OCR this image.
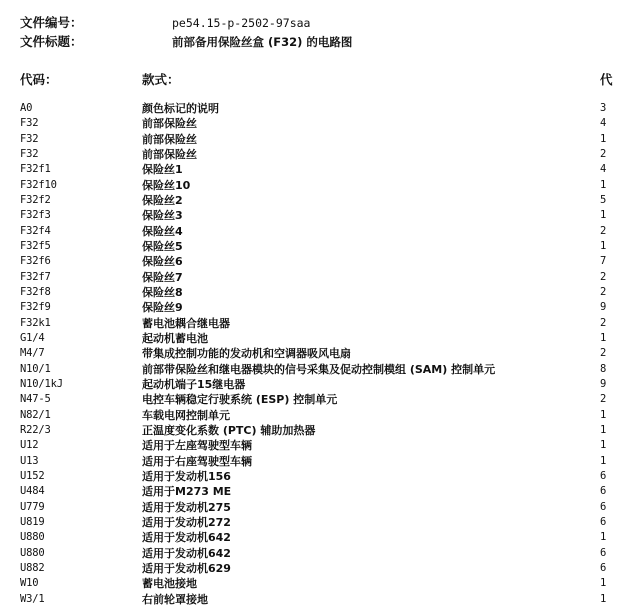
文件编号：	pe54.15-p-2502-97saa
文件标题：	前部备用保险丝盒 (F32) 的电路图
代码：	款式：	代
A0	颜色标记的说明	3
F32	前部保险丝	4
F32	前部保险丝	1
F32	前部保险丝	2
F32f1	保险丝1	4
F32f10	保险丝10	1
F32f2	保险丝2	5
F32f3	保险丝3	1
F32f4	保险丝4	2
F32f5	保险丝5	1
F32f6	保险丝6	7
F32f7	保险丝7	2
F32f8	保险丝8	2
F32f9	保险丝9	9
F32k1	蓄电池耦合继电器	2
G1/4	起动机蓄电池	1
M4/7	带集成控制功能的发动机和空调器吸风电扇	2
N10/1	前部带保险丝和继电器模块的信号采集及促动控制模组 (SAM) 控制单元	8
N10/1kJ	起动机端子15继电器	9
N47-5	电控车辆稳定行驶系统 (ESP) 控制单元	2
N82/1	车载电网控制单元	1
R22/3	正温度变化系数 (PTC) 辅助加热器	1
U12	适用于左座驾驶型车辆	1
U13	适用于右座驾驶型车辆	1
U152	适用于发动机156	6
U484	适用于M273 ME	6
U779	适用于发动机275	6
U819	适用于发动机272	6
U880	适用于发动机642	1
U880	适用于发动机642	6
U882	适用于发动机629	6
W10	蓄电池接地	1
W3/1	右前轮罩接地	1
